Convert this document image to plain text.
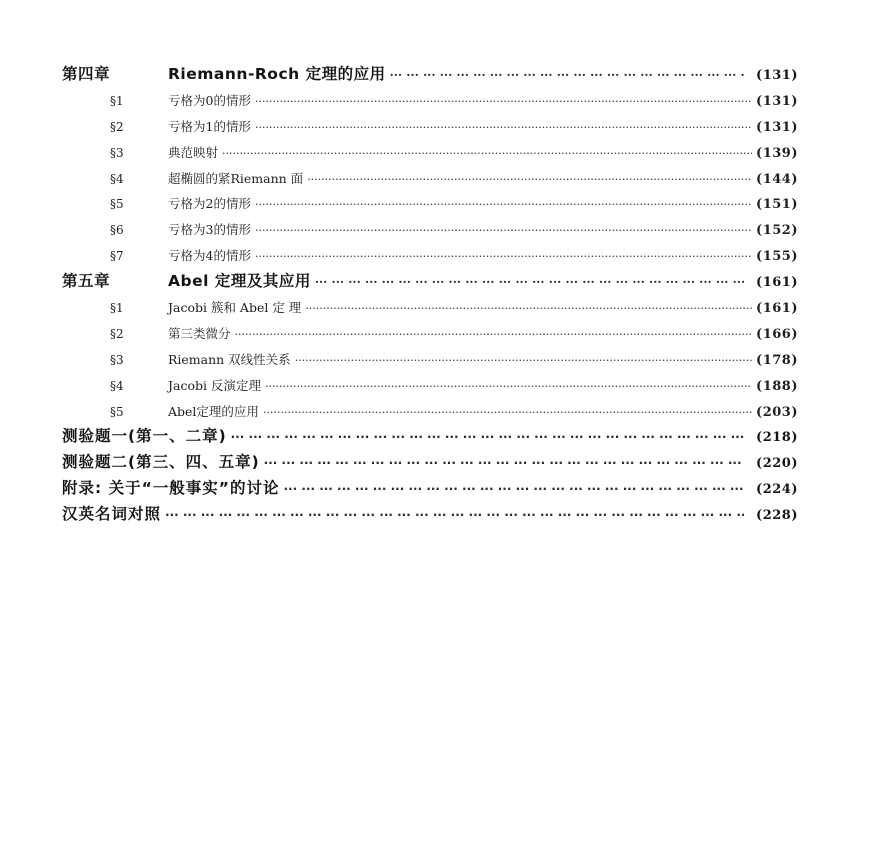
第四章	Riemann-Roch 定理的应用 ··· ·	(131)
§1	亏格为0的情形 ·····	(131)
§2	亏格为1的情形 ·····	(131)
§3	典范映射 ·····	(139)
§4	超椭圆的紧Riemann 面 ·····	(144)
§5	亏格为2的情形 ·····	(151)
§6	亏格为3的情形 ·····	(152)
§7	亏格为4的情形 ·····	(155)
第五章	Abel 定理及其应用 ··· ·	(161)
§1	Jacobi 簇和 Abel 定 理 ·····	(161)
§2	第三类微分 ·····	(166)
§3	Riemann 双线性关系 ·····	(178)
§4	Jacobi 反演定理 ·····	(188)
§5	Abel定理的应用 ·····	(203)
测验题一(第一、二章) ··· ·	(218)
测验题二(第三、四、五章) ··· ·	(220)
附录: 关于“一般事实”的讨论 ··· ·	(224)
汉英名词对照 ··· ·	(228)
